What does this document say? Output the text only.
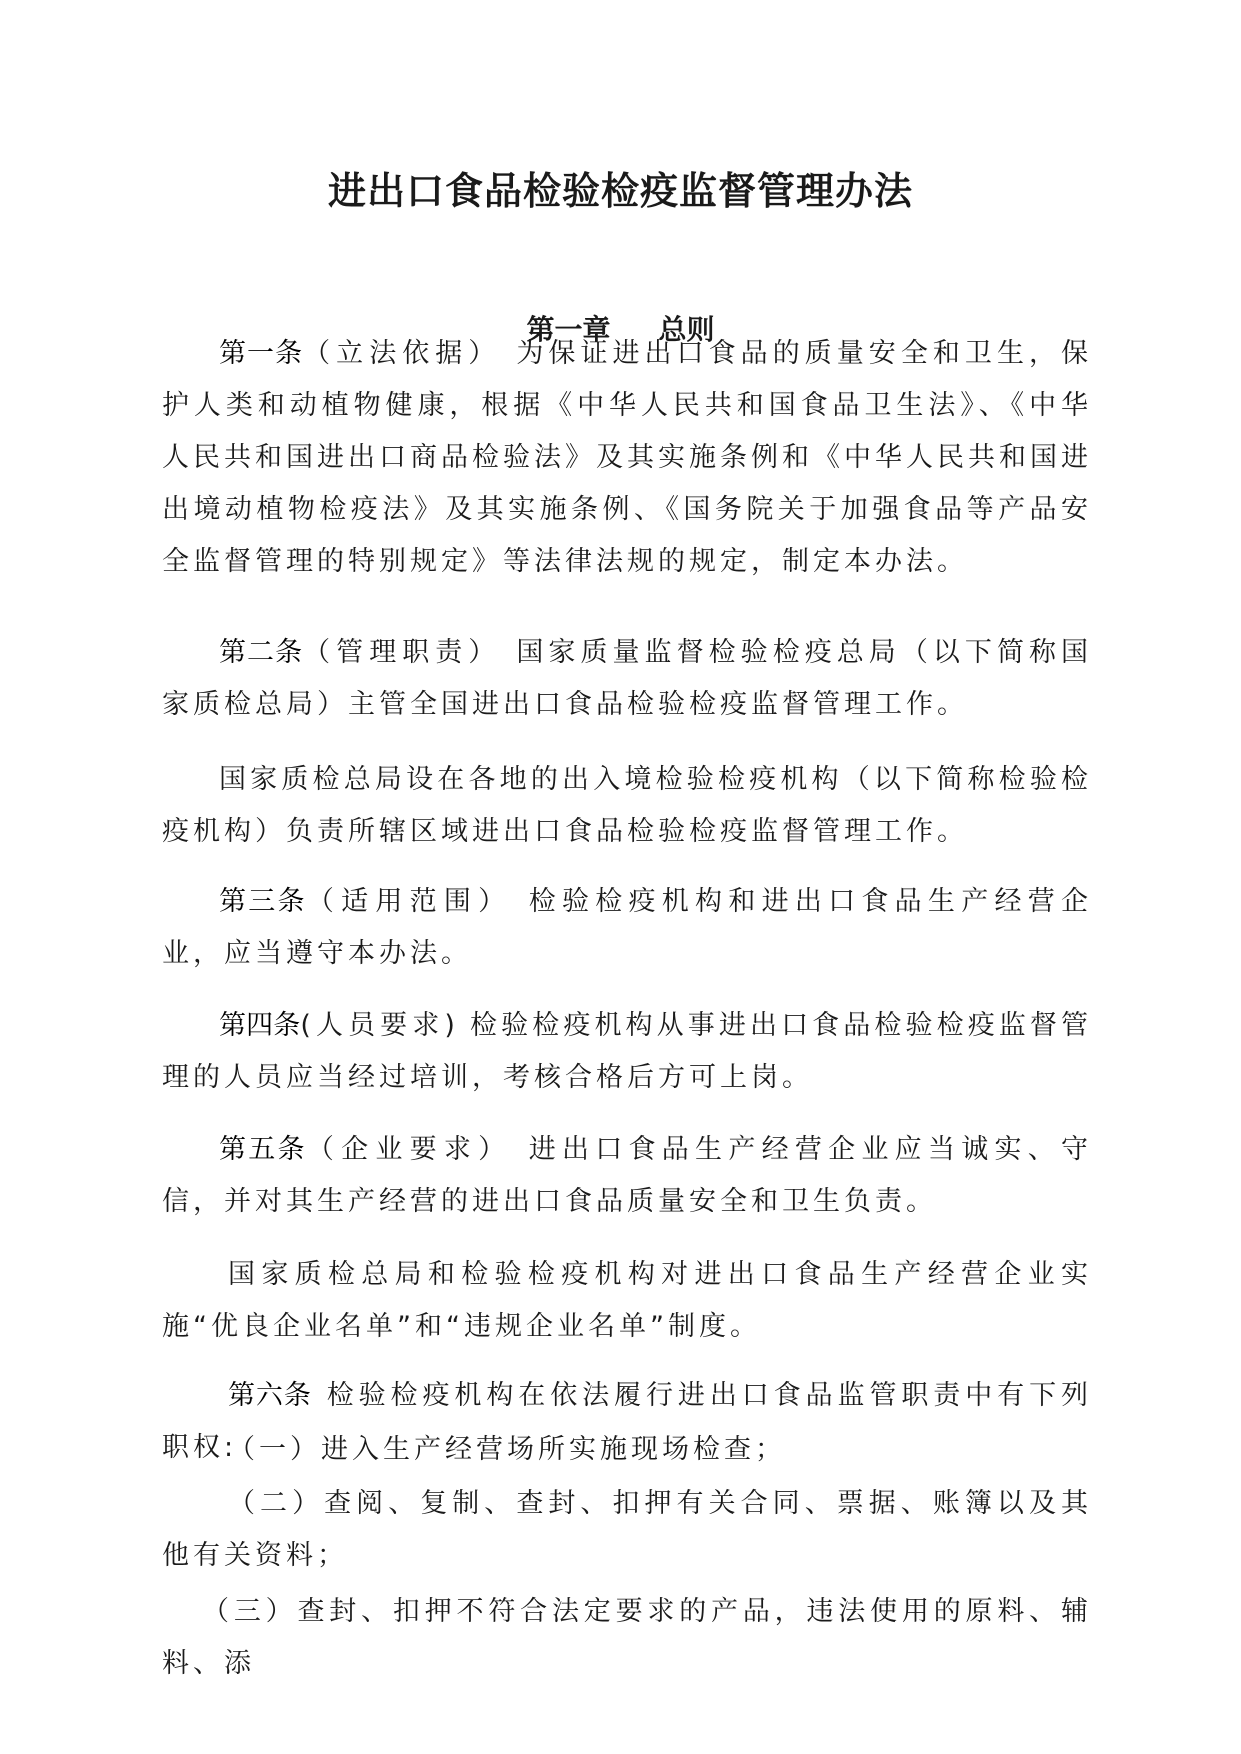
进出口食品检验检疫监督管理办法
第一章 总则

第一条（立法依据） 为保证进出口食品的质量安全和卫生，保护人类和动植物健康，根据《中华人民共和国食品卫生法》、《中华人民共和国进出口商品检验法》及其实施条例和《中华人民共和国进出境动植物检疫法》及其实施条例、《国务院关于加强食品等产品安全监督管理的特别规定》等法律法规的规定，制定本办法。

第二条（管理职责） 国家质量监督检验检疫总局（以下简称国家质检总局）主管全国进出口食品检验检疫监督管理工作。

国家质检总局设在各地的出入境检验检疫机构（以下简称检验检疫机构）负责所辖区域进出口食品检验检疫监督管理工作。

第三条（适用范围） 检验检疫机构和进出口食品生产经营企业，应当遵守本办法。

第四条(人员要求) 检验检疫机构从事进出口食品检验检疫监督管理的人员应当经过培训，考核合格后方可上岗。

第五条（企业要求） 进出口食品生产经营企业应当诚实、守信，并对其生产经营的进出口食品质量安全和卫生负责。

国家质检总局和检验检疫机构对进出口食品生产经营企业实施“优良企业名单”和“违规企业名单”制度。

第六条 检验检疫机构在依法履行进出口食品监管职责中有下列职权:

（一）进入生产经营场所实施现场检查；

（二）查阅、复制、查封、扣押有关合同、票据、账簿以及其他有关资料；

（三）查封、扣押不符合法定要求的产品，违法使用的原料、辅料、添
